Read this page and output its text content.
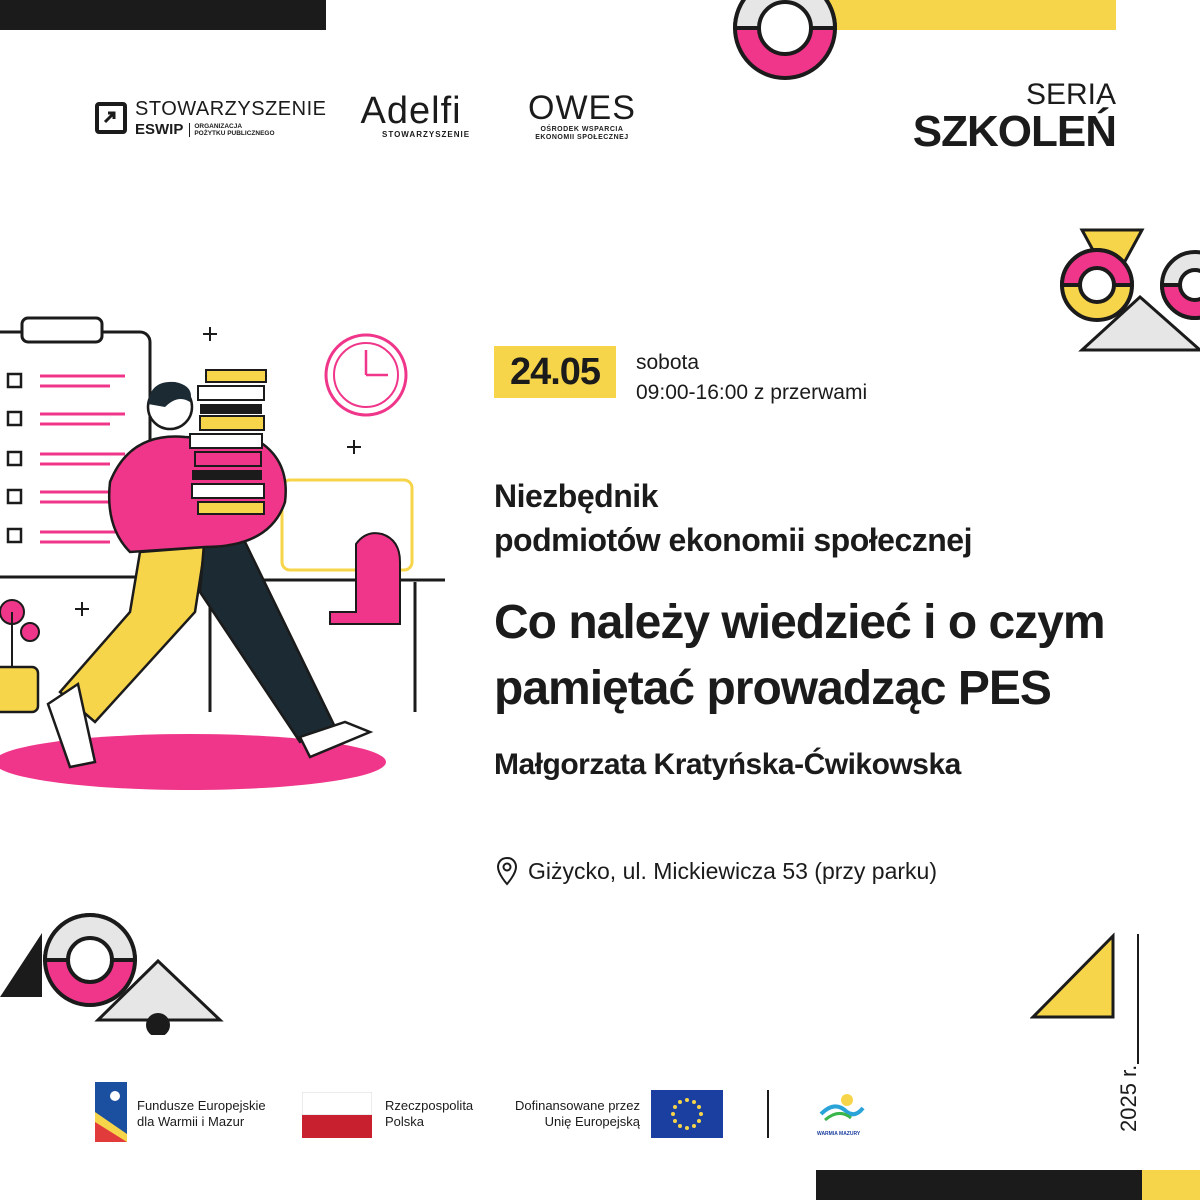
STOWARZYSZENIE
ESWIP	ORGANIZACJA
POŻYTKU PUBLICZNEGO
Adelfi
STOWARZYSZENIE
OWES
OŚRODEK WSPARCIA
EKONOMII SPOŁECZNEJ
SERIA
SZKOLEŃ
24.05	sobota
09:00-16:00 z przerwami
Niezbędnik
podmiotów ekonomii społecznej
Co należy wiedzieć i o czym
pamiętać prowadząc PES
Małgorzata Kratyńska-Ćwikowska
Giżycko, ul. Mickiewicza 53 (przy parku)
2025 r.
Fundusze Europejskie
dla Warmii i Mazur
Rzeczpospolita
Polska
Dofinansowane przez
Unię Europejską
WARMIA MAZURY
